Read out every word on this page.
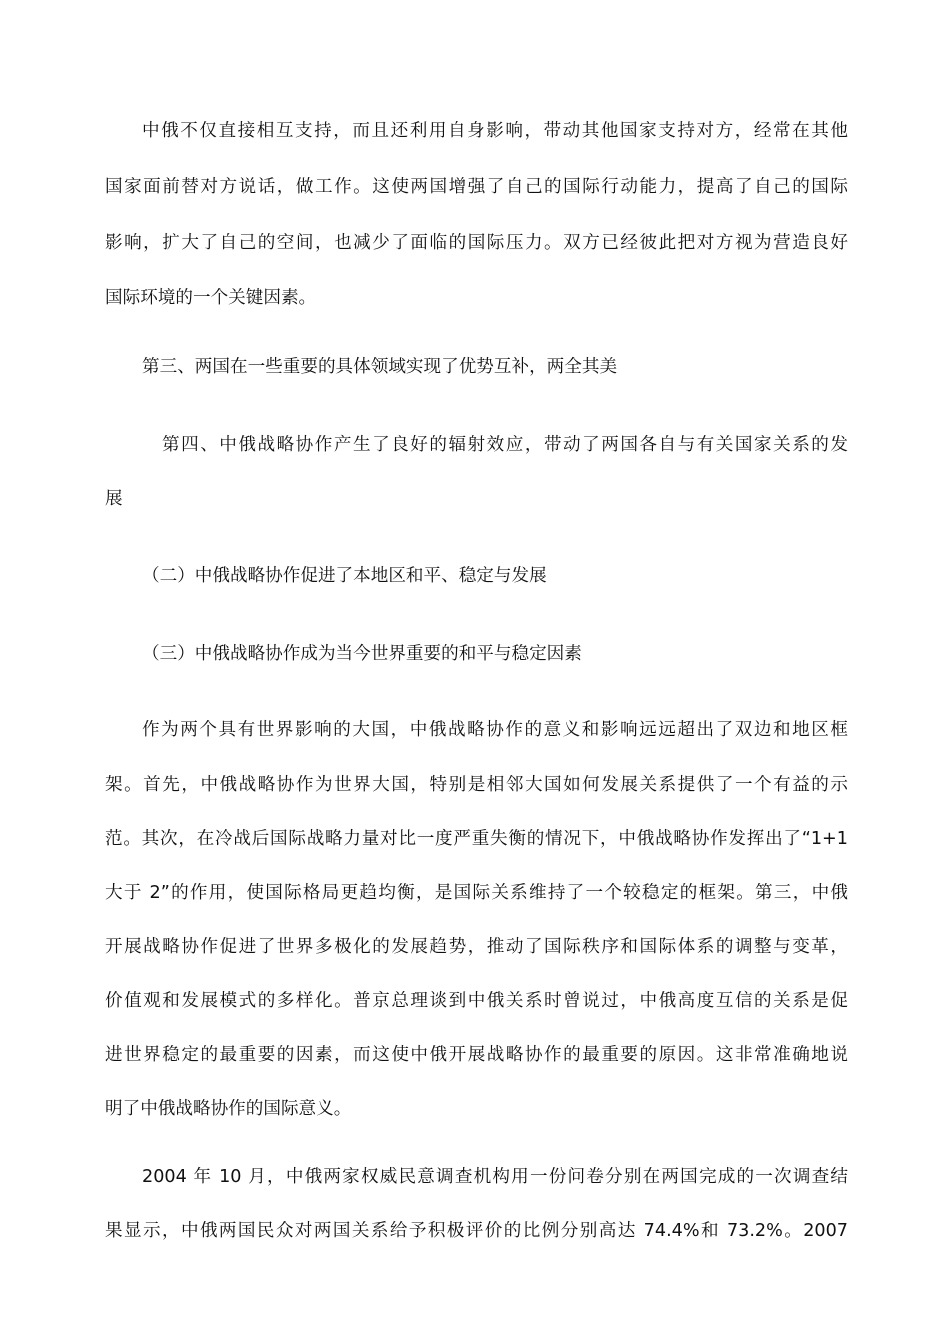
中俄不仅直接相互支持，而且还利用自身影响，带动其他国家支持对方，经常在其他

国家面前替对方说话，做工作。这使两国增强了自己的国际行动能力，提高了自己的国际

影响，扩大了自己的空间，也减少了面临的国际压力。双方已经彼此把对方视为营造良好

国际环境的一个关键因素。

第三、两国在一些重要的具体领域实现了优势互补，两全其美

第四、中俄战略协作产生了良好的辐射效应，带动了两国各自与有关国家关系的发

展

（二）中俄战略协作促进了本地区和平、稳定与发展

（三）中俄战略协作成为当今世界重要的和平与稳定因素

作为两个具有世界影响的大国，中俄战略协作的意义和影响远远超出了双边和地区框

架。首先，中俄战略协作为世界大国，特别是相邻大国如何发展关系提供了一个有益的示

范。其次，在冷战后国际战略力量对比一度严重失衡的情况下，中俄战略协作发挥出了“1+1

大于 2”的作用，使国际格局更趋均衡，是国际关系维持了一个较稳定的框架。第三，中俄

开展战略协作促进了世界多极化的发展趋势，推动了国际秩序和国际体系的调整与变革，

价值观和发展模式的多样化。普京总理谈到中俄关系时曾说过，中俄高度互信的关系是促

进世界稳定的最重要的因素，而这使中俄开展战略协作的最重要的原因。这非常准确地说

明了中俄战略协作的国际意义。

2004 年 10 月，中俄两家权威民意调查机构用一份问卷分别在两国完成的一次调查结

果显示，中俄两国民众对两国关系给予积极评价的比例分别高达 74.4%和 73.2%。2007
